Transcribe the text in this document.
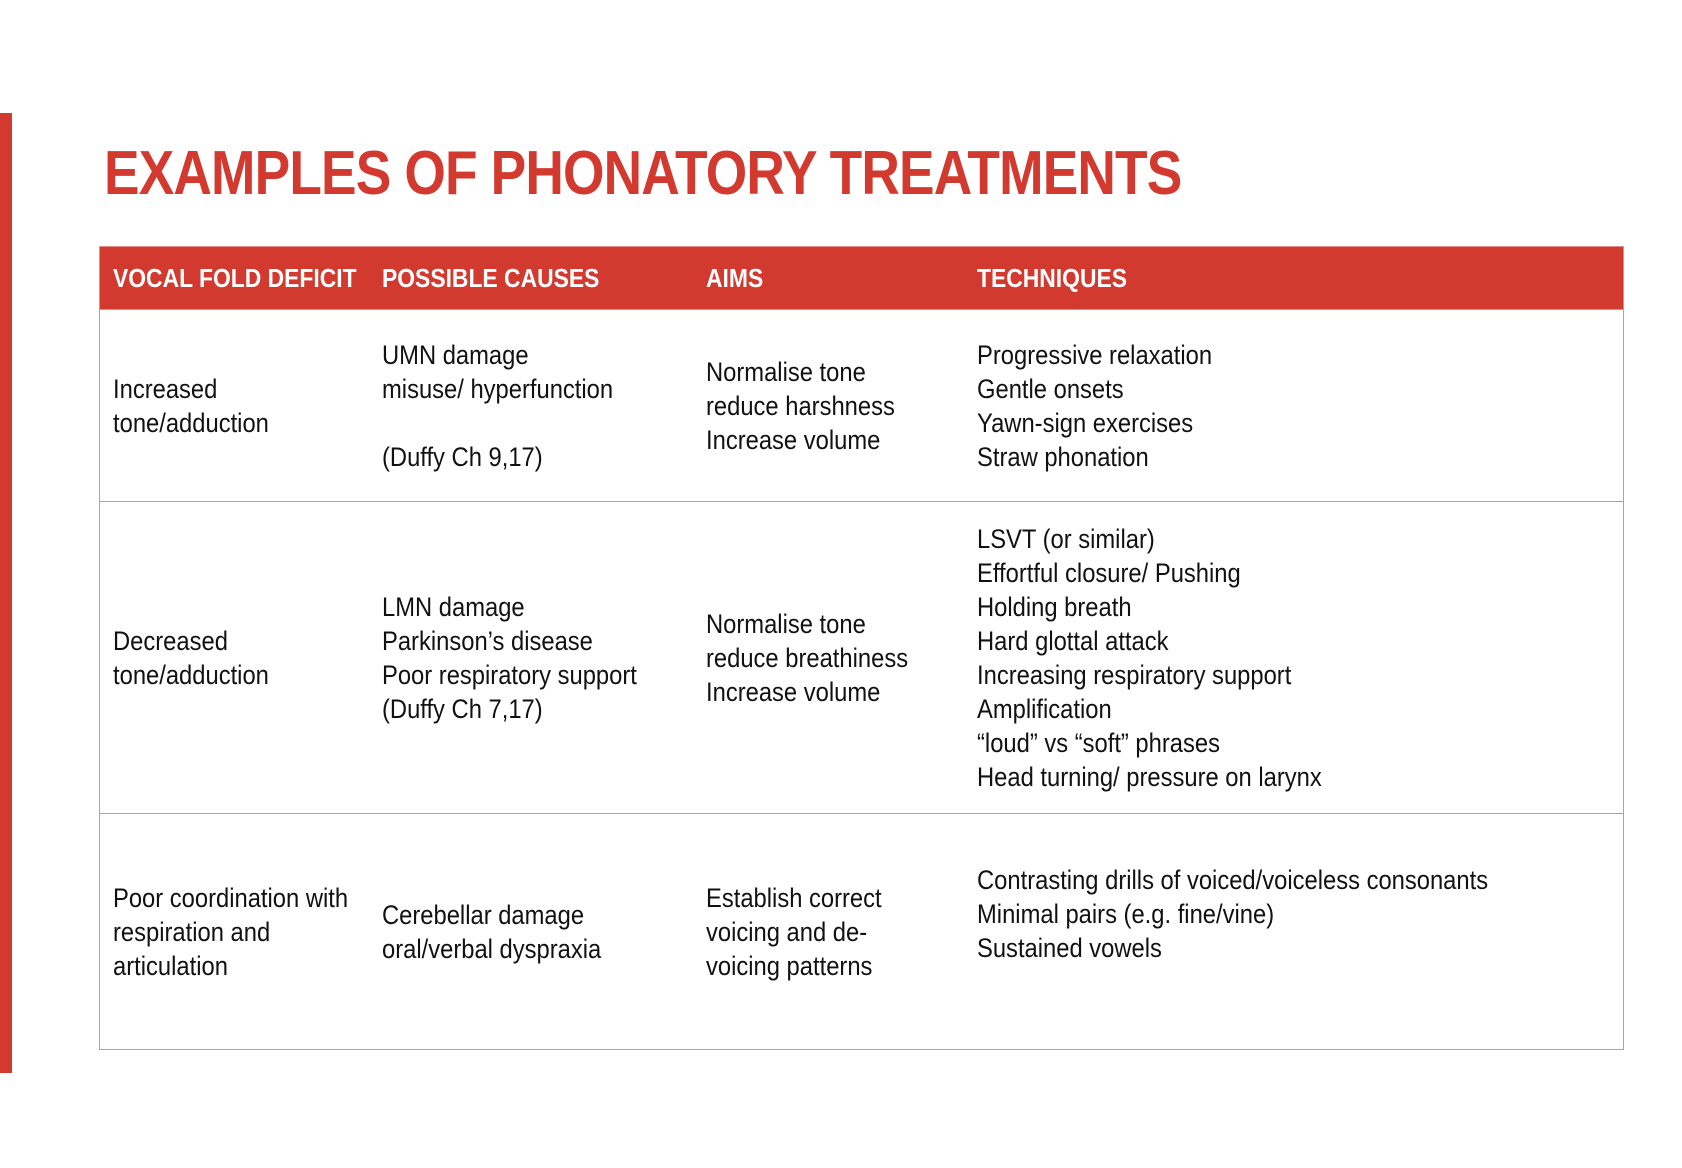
EXAMPLES OF PHONATORY TREATMENTS
VOCAL FOLD DEFICIT POSSIBLE CAUSES	AIMS	TECHNIQUES
Increased
tone/adduction
UMN damage
misuse/ hyperfunction
(Duffy Ch 9,17)
Normalise tone
reduce harshness
Increase volume
Progressive relaxation
Gentle onsets
Yawn-sign exercises
Straw phonation
Decreased
tone/adduction
LMN damage
Parkinson’s disease
Poor respiratory support
(Duffy Ch 7,17)
Normalise tone
reduce breathiness
Increase volume
LSVT (or similar)
Effortful closure/ Pushing
Holding breath
Hard glottal attack
Increasing respiratory support
Amplification
“loud” vs “soft” phrases
Head turning/ pressure on larynx
Poor coordination with
respiration and
articulation
Cerebellar damage
oral/verbal dyspraxia
Establish correct
voicing and de-
voicing patterns
Contrasting drills of voiced/voiceless consonants
Minimal pairs (e.g. fine/vine)
Sustained vowels
